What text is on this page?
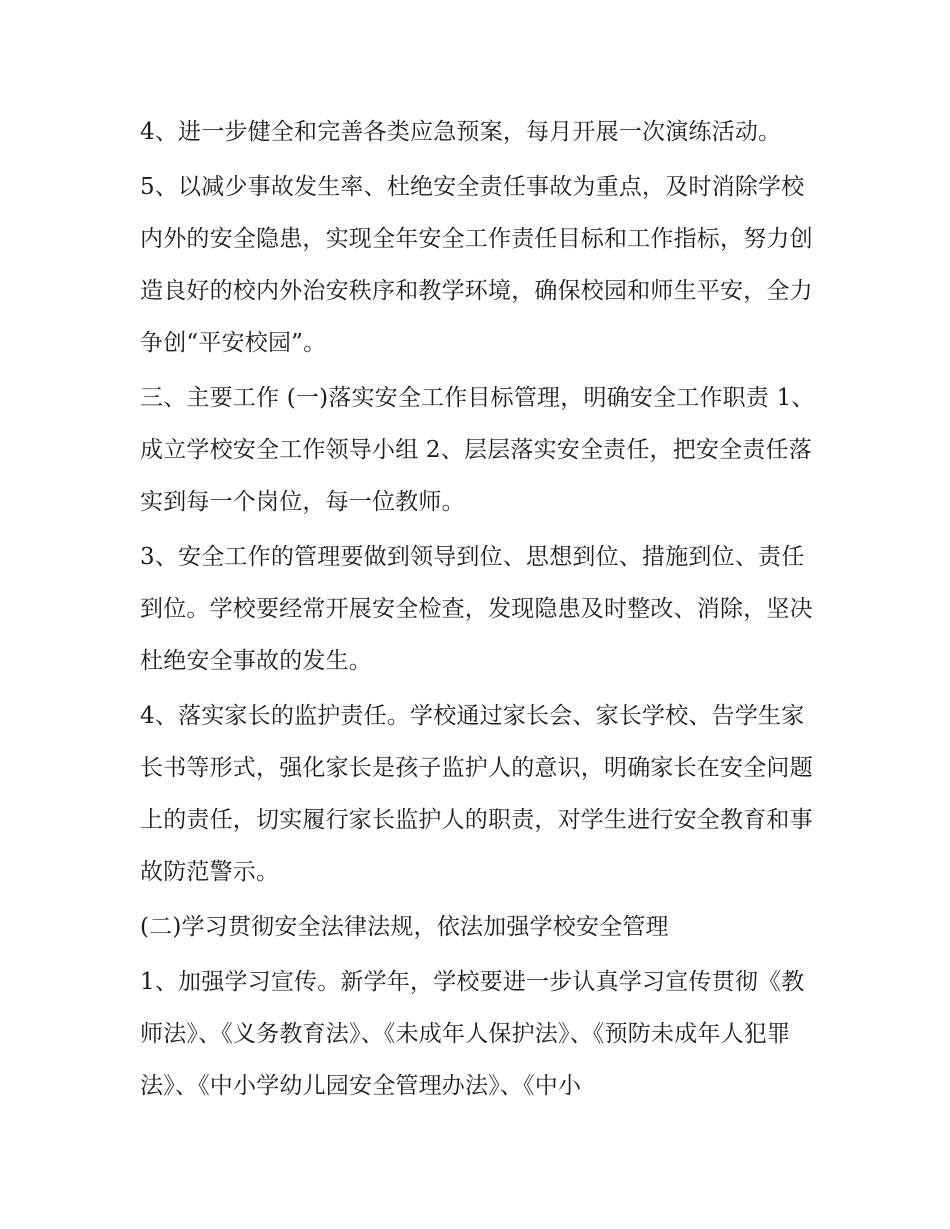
4、进一步健全和完善各类应急预案，每月开展一次演练活动。

5、以减少事故发生率、杜绝安全责任事故为重点，及时消除学校内外的安全隐患，实现全年安全工作责任目标和工作指标，努力创造良好的校内外治安秩序和教学环境，确保校园和师生平安，全力争创“平安校园”。

三、主要工作 (一)落实安全工作目标管理，明确安全工作职责 1、成立学校安全工作领导小组 2、层层落实安全责任，把安全责任落实到每一个岗位，每一位教师。

3、安全工作的管理要做到领导到位、思想到位、措施到位、责任到位。学校要经常开展安全检查，发现隐患及时整改、消除，坚决杜绝安全事故的发生。

4、落实家长的监护责任。学校通过家长会、家长学校、告学生家长书等形式，强化家长是孩子监护人的意识，明确家长在安全问题上的责任，切实履行家长监护人的职责，对学生进行安全教育和事故防范警示。

(二)学习贯彻安全法律法规，依法加强学校安全管理

1、加强学习宣传。新学年，学校要进一步认真学习宣传贯彻《教师法》、《义务教育法》、《未成年人保护法》、《预防未成年人犯罪法》、《中小学幼儿园安全管理办法》、《中小
